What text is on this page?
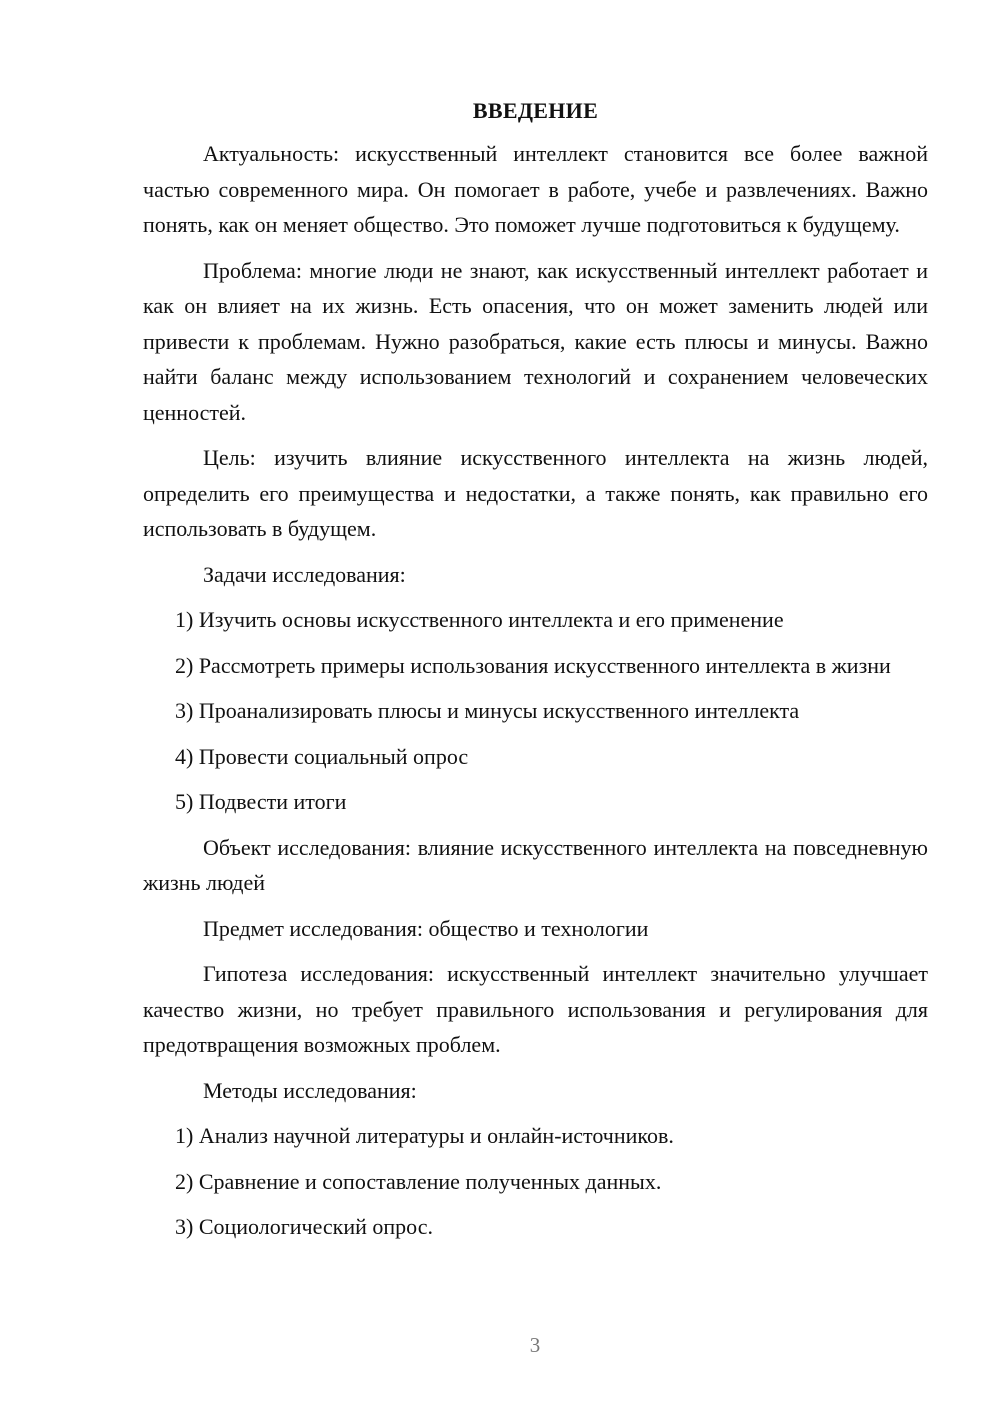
ВВЕДЕНИЕ

Актуальность: искусственный интеллект становится все более важной частью современного мира. Он помогает в работе, учебе и развлечениях. Важно понять, как он меняет общество. Это поможет лучше подготовиться к будущему.

Проблема: многие люди не знают, как искусственный интеллект работает и как он влияет на их жизнь. Есть опасения, что он может заменить людей или привести к проблемам. Нужно разобраться, какие есть плюсы и минусы. Важно найти баланс между использованием технологий и сохранением человеческих ценностей.

Цель: изучить влияние искусственного интеллекта на жизнь людей, определить его преимущества и недостатки, а также понять, как правильно его использовать в будущем.

Задачи исследования:

1) Изучить основы искусственного интеллекта и его применение

2) Рассмотреть примеры использования искусственного интеллекта в жизни

3) Проанализировать плюсы и минусы искусственного интеллекта

4) Провести социальный опрос

5) Подвести итоги

Объект исследования: влияние искусственного интеллекта на повседневную жизнь людей

Предмет исследования: общество и технологии

Гипотеза исследования: искусственный интеллект значительно улучшает качество жизни, но требует правильного использования и регулирования для предотвращения возможных проблем.

Методы исследования:

1) Анализ научной литературы и онлайн-источников.

2) Сравнение и сопоставление полученных данных.

3) Социологический опрос.

3
